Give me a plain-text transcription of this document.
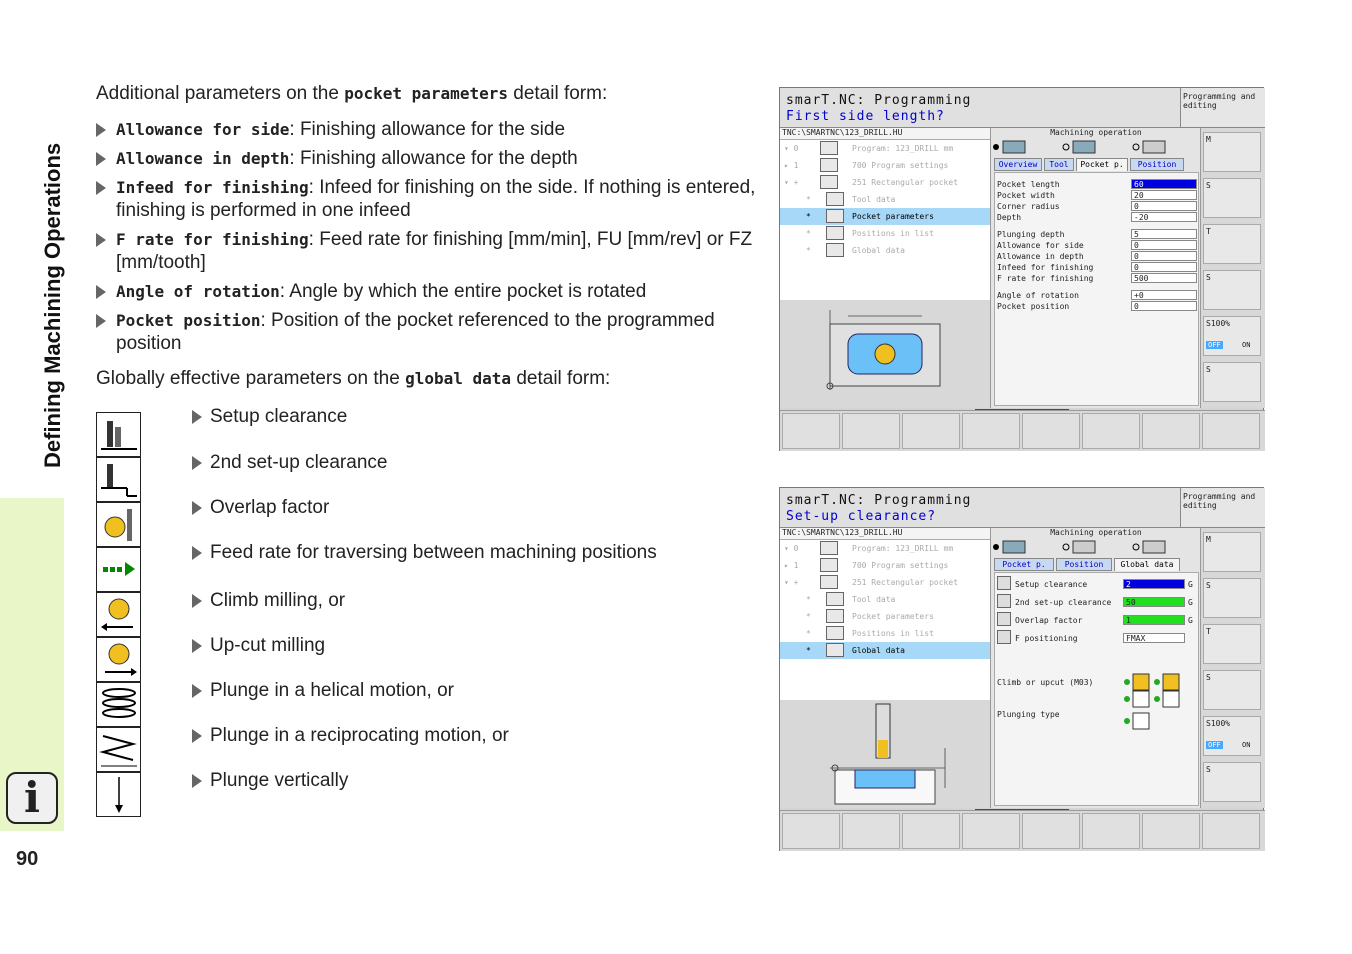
Defining Machining Operations
i
90
Additional parameters on the pocket parameters detail form:
Allowance for side: Finishing allowance for the side
Allowance in depth: Finishing allowance for the depth
Infeed for finishing: Infeed for finishing on the side. If nothing is entered, finishing is performed in one infeed
F rate for finishing: Feed rate for finishing [mm/min], FU [mm/rev] or FZ [mm/tooth]
Angle of rotation: Angle by which the entire pocket is rotated
Pocket position: Position of the pocket referenced to the programmed position
Globally effective parameters on the global data detail form:
Setup clearance
2nd set-up clearance
Overlap factor
Feed rate for traversing between machining positions
Climb milling, or
Up-cut milling
Plunge in a helical motion, or
Plunge in a reciprocating motion, or
Plunge vertically
smarT.NC: Programming
First side length?
Programming and editing
TNC:\SMARTNC\123_DRILL.HU
▾ 0	Program: 123_DRILL mm
▸ 1	700 Program settings
▾ +	251 Rectangular pocket
*	Tool data
*	Pocket parameters
*	Positions in list
*	Global data
Machining operation
Overview	Tool	Pocket p.	Position
Pocket length	60
Pocket width	20
Corner radius	0
Depth	-20
Plunging depth	5
Allowance for side	0
Allowance in depth	0
Infeed for finishing	0
F rate for finishing	500
Angle of rotation	+0
Pocket position	0
M
S
T
S
S100%
OFF	ON
S
smarT.NC: Programming
Set-up clearance?
Programming and editing
TNC:\SMARTNC\123_DRILL.HU
▾ 0	Program: 123_DRILL mm
▸ 1	700 Program settings
▾ +	251 Rectangular pocket
*	Tool data
*	Pocket parameters
*	Positions in list
*	Global data
Machining operation
Pocket p.	Position	Global data
Climb or upcut (M03)
Plunging type
Setup clearance	2	G
2nd set-up clearance	50	G
Overlap factor	1	G
F positioning	FMAX
M
S
T
S
S100%
OFF	ON
S
